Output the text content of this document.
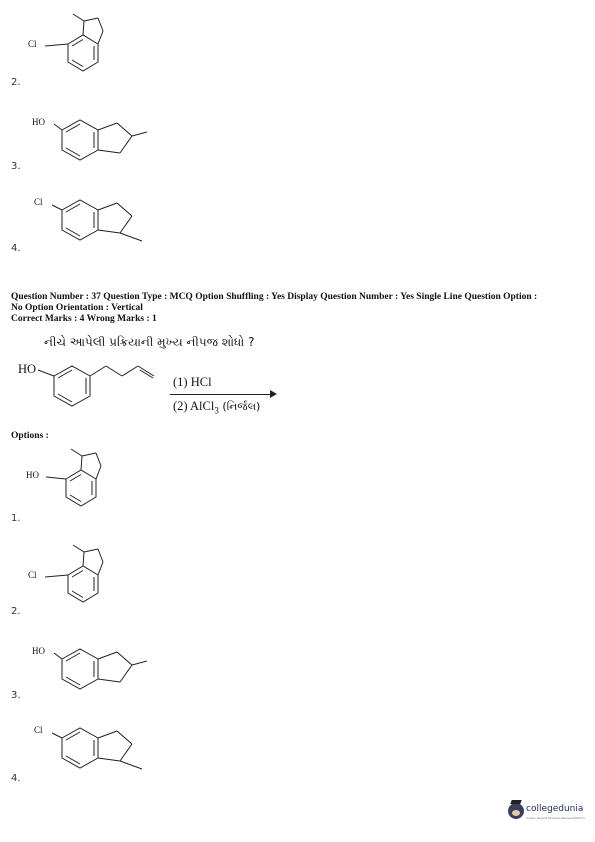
Cl
2.
HO
3.
Cl
4.
Question Number : 37 Question Type : MCQ Option Shuffling : Yes Display Question Number : Yes Single Line Question Option :
No Option Orientation : Vertical
Correct Marks : 4 Wrong Marks : 1
નીચે આપેલી પ્રક્રિયાની મુખ્ય નીપજ શોધો ?
HO
(1) HCl
(2) AlCl$_3$ (નિર્જલ)
Options :
HO
1.
Cl
2.
HO
3.
Cl
4.
collegedunia
India's largest Student Review Platform
